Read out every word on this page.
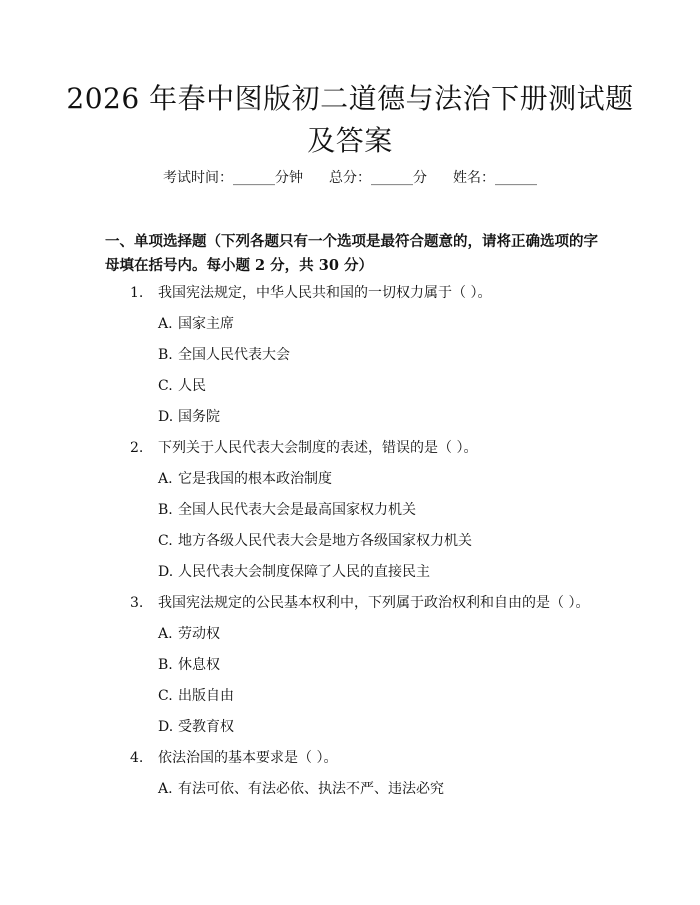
2026 年春中图版初二道德与法治下册测试题
及答案
考试时间：______分钟 总分：______分 姓名：______
一、单项选择题（下列各题只有一个选项是最符合题意的，请将正确选项的字母填在括号内。每小题 2 分，共 30 分）
1. 我国宪法规定，中华人民共和国的一切权力属于（ ）。
A. 国家主席
B. 全国人民代表大会
C. 人民
D. 国务院
2. 下列关于人民代表大会制度的表述，错误的是（ ）。
A. 它是我国的根本政治制度
B. 全国人民代表大会是最高国家权力机关
C. 地方各级人民代表大会是地方各级国家权力机关
D. 人民代表大会制度保障了人民的直接民主
3. 我国宪法规定的公民基本权利中，下列属于政治权利和自由的是（ ）。
A. 劳动权
B. 休息权
C. 出版自由
D. 受教育权
4. 依法治国的基本要求是（ ）。
A. 有法可依、有法必依、执法不严、违法必究
